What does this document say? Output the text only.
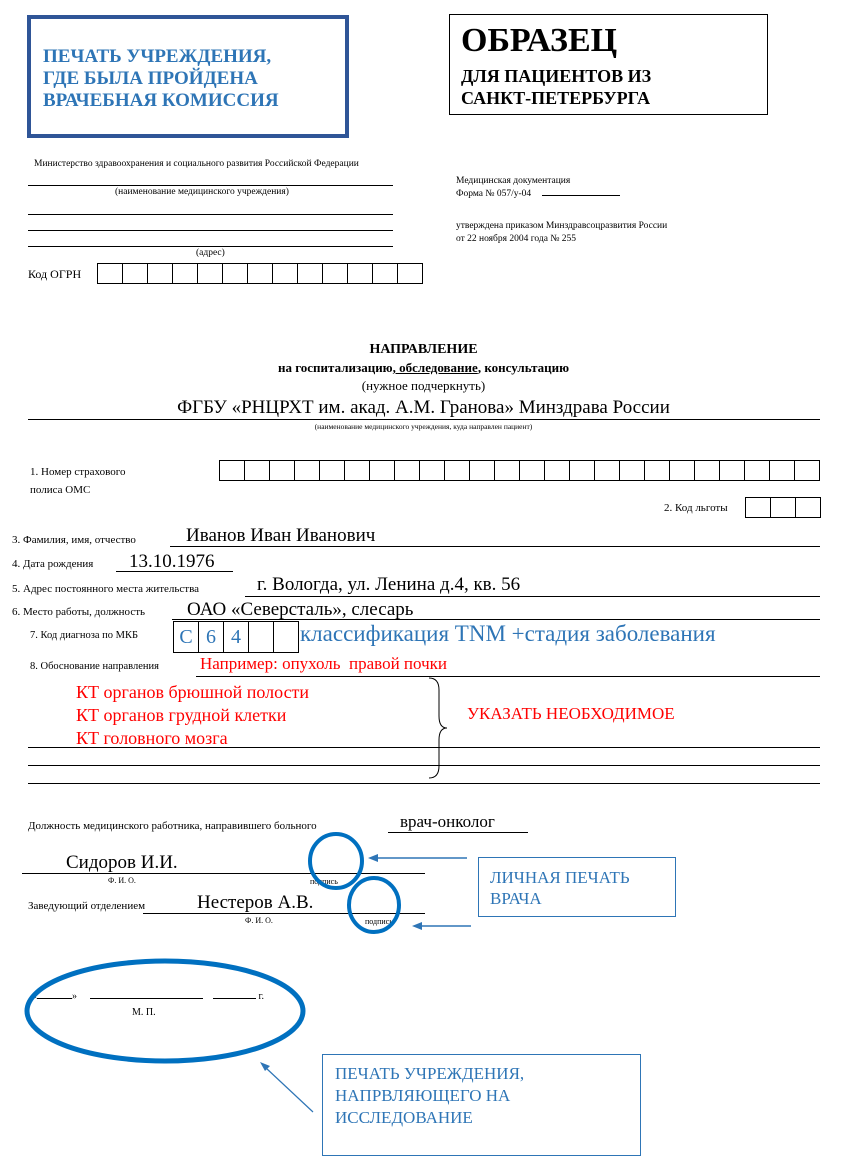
ПЕЧАТЬ УЧРЕЖДЕНИЯ,
ГДЕ БЫЛА ПРОЙДЕНА
ВРАЧЕБНАЯ КОМИССИЯ
ОБРАЗЕЦ
ДЛЯ ПАЦИЕНТОВ ИЗ
САНКТ-ПЕТЕРБУРГА
Министерство здравоохранения и социального развития Российской Федерации
(наименование медицинского учреждения)
(адрес)
Код ОГРН
Медицинская документация
Форма № 057/у-04
утверждена приказом Минздравсоцразвития России
от 22 ноября 2004 года № 255
НАПРАВЛЕНИЕ
на госпитализацию, обследование, консультацию
(нужное подчеркнуть)
ФГБУ «РНЦРХТ им. акад. А.М. Гранова» Минздрава России
(наименование медицинского учреждения, куда направлен пациент)
1. Номер страхового
полиса ОМС
2. Код льготы
3. Фамилия, имя, отчество	Иванов Иван Иванович
4. Дата рождения 13.10.1976
5. Адрес постоянного места жительства	г. Вологда, ул. Ленина д.4, кв. 56
6. Место работы, должность ОАО «Северсталь», слесарь
7. Код диагноза по МКБ C 6 4	классификация TNM +стадия заболевания
8. Обоснование направления Например: опухоль  правой почки
КТ органов брюшной полости
КТ органов грудной клетки
КТ головного мозга
УКАЗАТЬ НЕОБХОДИМОЕ
Должность медицинского работника, направившего больного	врач-онколог
Сидоров И.И.
Ф. И. О.	подпись
Заведующий отделением	Нестеров А.В.
Ф. И. О.	подпись
«	»	г.
М. П.
ЛИЧНАЯ ПЕЧАТЬ
ВРАЧА
ПЕЧАТЬ УЧРЕЖДЕНИЯ,
НАПРВЛЯЮЩЕГО НА
ИССЛЕДОВАНИЕ
